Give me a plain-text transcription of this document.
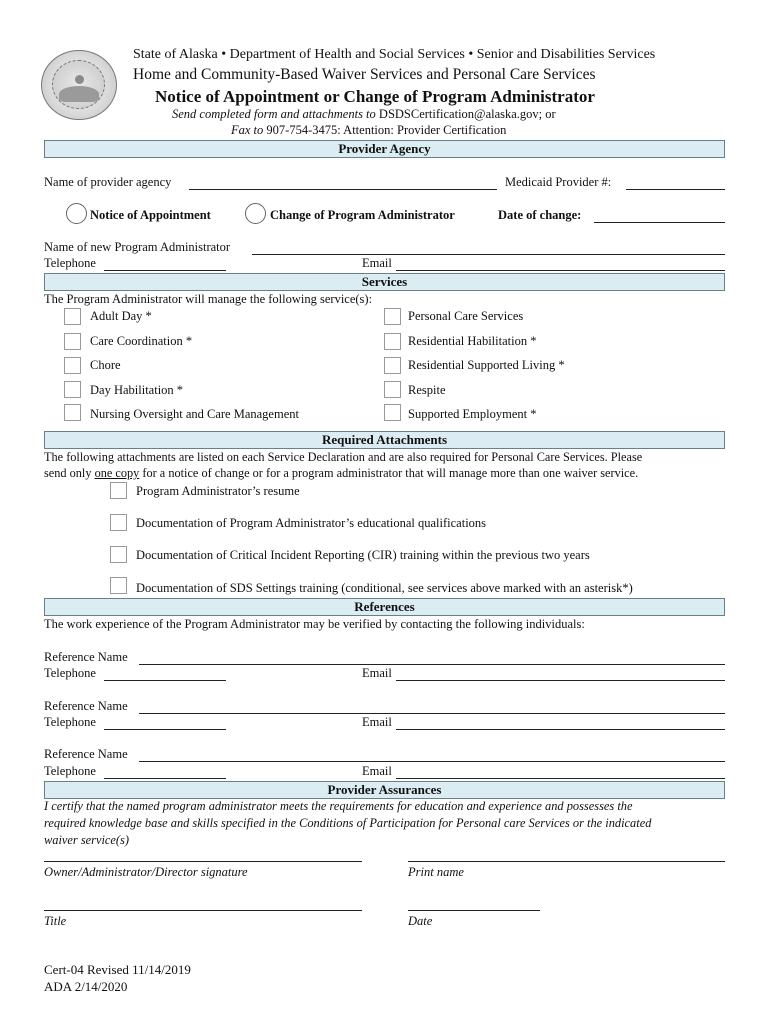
State of Alaska • Department of Health and Social Services • Senior and Disabilities Services
Home and Community-Based Waiver Services and Personal Care Services
Notice of Appointment or Change of Program Administrator
Send completed form and attachments to DSDSCertification@alaska.gov; or
Fax to 907-754-3475: Attention: Provider Certification
Provider Agency
Name of provider agency	Medicaid Provider #:
Notice of Appointment	Change of Program Administrator	Date of change:
Name of new Program Administrator
Telephone	Email
Services
The Program Administrator will manage the following service(s):
Adult Day *
Care Coordination *
Chore
Day Habilitation *
Nursing Oversight and Care Management
Personal Care Services
Residential Habilitation *
Residential Supported Living *
Respite
Supported Employment *
Required Attachments
The following attachments are listed on each Service Declaration and are also required for Personal Care Services. Please
send only one copy for a notice of change or for a program administrator that will manage more than one waiver service.
Program Administrator’s resume
Documentation of Program Administrator’s educational qualifications
Documentation of Critical Incident Reporting (CIR) training within the previous two years
Documentation of SDS Settings training (conditional, see services above marked with an asterisk*)
References
The work experience of the Program Administrator may be verified by contacting the following individuals:
Reference Name
Telephone	Email
Reference Name
Telephone	Email
Reference Name
Telephone	Email
Provider Assurances
I certify that the named program administrator meets the requirements for education and experience and possesses the
required knowledge base and skills specified in the Conditions of Participation for Personal care Services or the indicated
waiver service(s)
Owner/Administrator/Director signature	Print name
Title	Date
Cert-04 Revised 11/14/2019
ADA 2/14/2020
